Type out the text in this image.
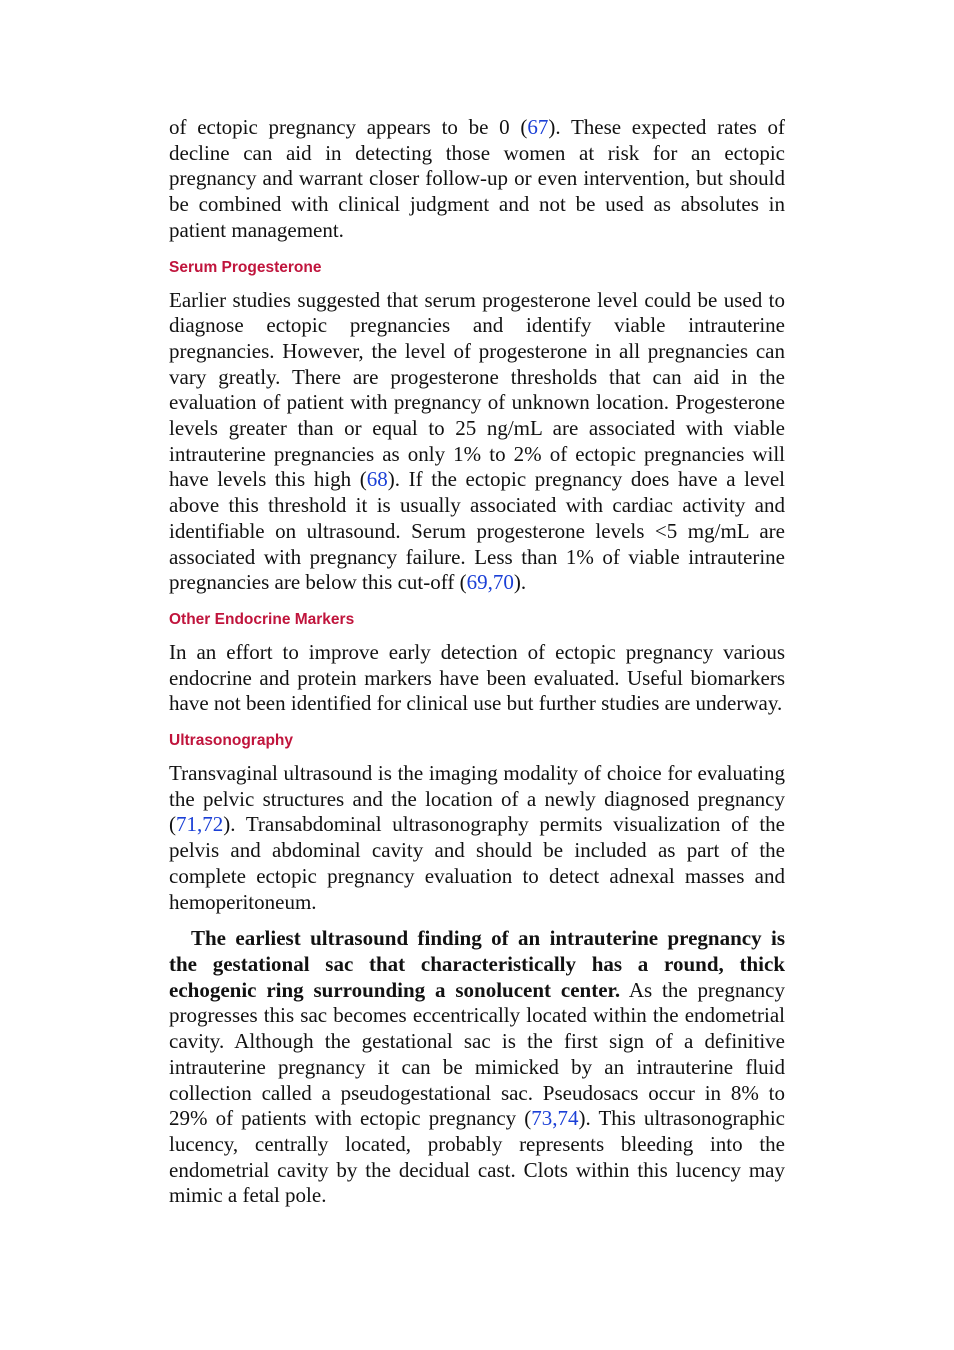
of ectopic pregnancy appears to be 0 (67). These expected rates of decline can aid in detecting those women at risk for an ectopic pregnancy and warrant closer follow-up or even intervention, but should be combined with clinical judgment and not be used as absolutes in patient management.

Serum Progesterone

Earlier studies suggested that serum progesterone level could be used to diagnose ectopic pregnancies and identify viable intrauterine pregnancies. However, the level of progesterone in all pregnancies can vary greatly. There are progesterone thresholds that can aid in the evaluation of patient with pregnancy of unknown location. Progesterone levels greater than or equal to 25 ng/mL are associated with viable intrauterine pregnancies as only 1% to 2% of ectopic pregnancies will have levels this high (68). If the ectopic pregnancy does have a level above this threshold it is usually associated with cardiac activity and identifiable on ultrasound. Serum progesterone levels <5 mg/mL are associated with pregnancy failure. Less than 1% of viable intrauterine pregnancies are below this cut-off (69,70).

Other Endocrine Markers

In an effort to improve early detection of ectopic pregnancy various endocrine and protein markers have been evaluated. Useful biomarkers have not been identified for clinical use but further studies are underway.

Ultrasonography

Transvaginal ultrasound is the imaging modality of choice for evaluating the pelvic structures and the location of a newly diagnosed pregnancy (71,72). Transabdominal ultrasonography permits visualization of the pelvis and abdominal cavity and should be included as part of the complete ectopic pregnancy evaluation to detect adnexal masses and hemoperitoneum.

The earliest ultrasound finding of an intrauterine pregnancy is the gestational sac that characteristically has a round, thick echogenic ring surrounding a sonolucent center. As the pregnancy progresses this sac becomes eccentrically located within the endometrial cavity. Although the gestational sac is the first sign of a definitive intrauterine pregnancy it can be mimicked by an intrauterine fluid collection called a pseudogestational sac. Pseudosacs occur in 8% to 29% of patients with ectopic pregnancy (73,74). This ultrasonographic lucency, centrally located, probably represents bleeding into the endometrial cavity by the decidual cast. Clots within this lucency may mimic a fetal pole.
